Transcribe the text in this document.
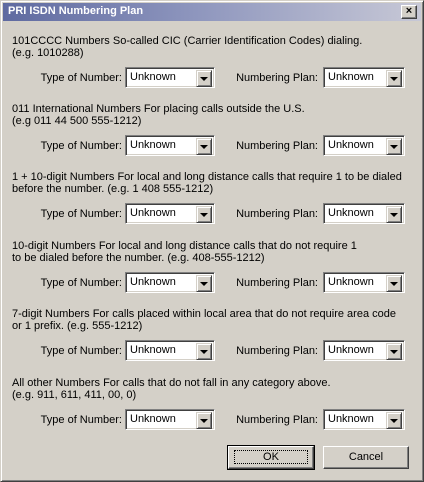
PRI ISDN Numbering Plan	×
101CCCC Numbers So-called CIC (Carrier Identification Codes) dialing.
(e.g. 1010288)
Type of Number: Unknown	Numbering Plan: Unknown
011 International Numbers For placing calls outside the U.S.
(e.g 011 44 500 555-1212)
Type of Number: Unknown	Numbering Plan: Unknown
1 + 10-digit Numbers For local and long distance calls that require 1 to be dialed
before the number. (e.g. 1 408 555-1212)
Type of Number: Unknown	Numbering Plan: Unknown
10-digit Numbers For local and long distance calls that do not require 1
to be dialed before the number. (e.g. 408-555-1212)
Type of Number: Unknown	Numbering Plan: Unknown
7-digit Numbers For calls placed within local area that do not require area code
or 1 prefix. (e.g. 555-1212)
Type of Number: Unknown	Numbering Plan: Unknown
All other Numbers For calls that do not fall in any category above.
(e.g. 911, 611, 411, 00, 0)
Type of Number: Unknown	Numbering Plan: Unknown
OK	Cancel
